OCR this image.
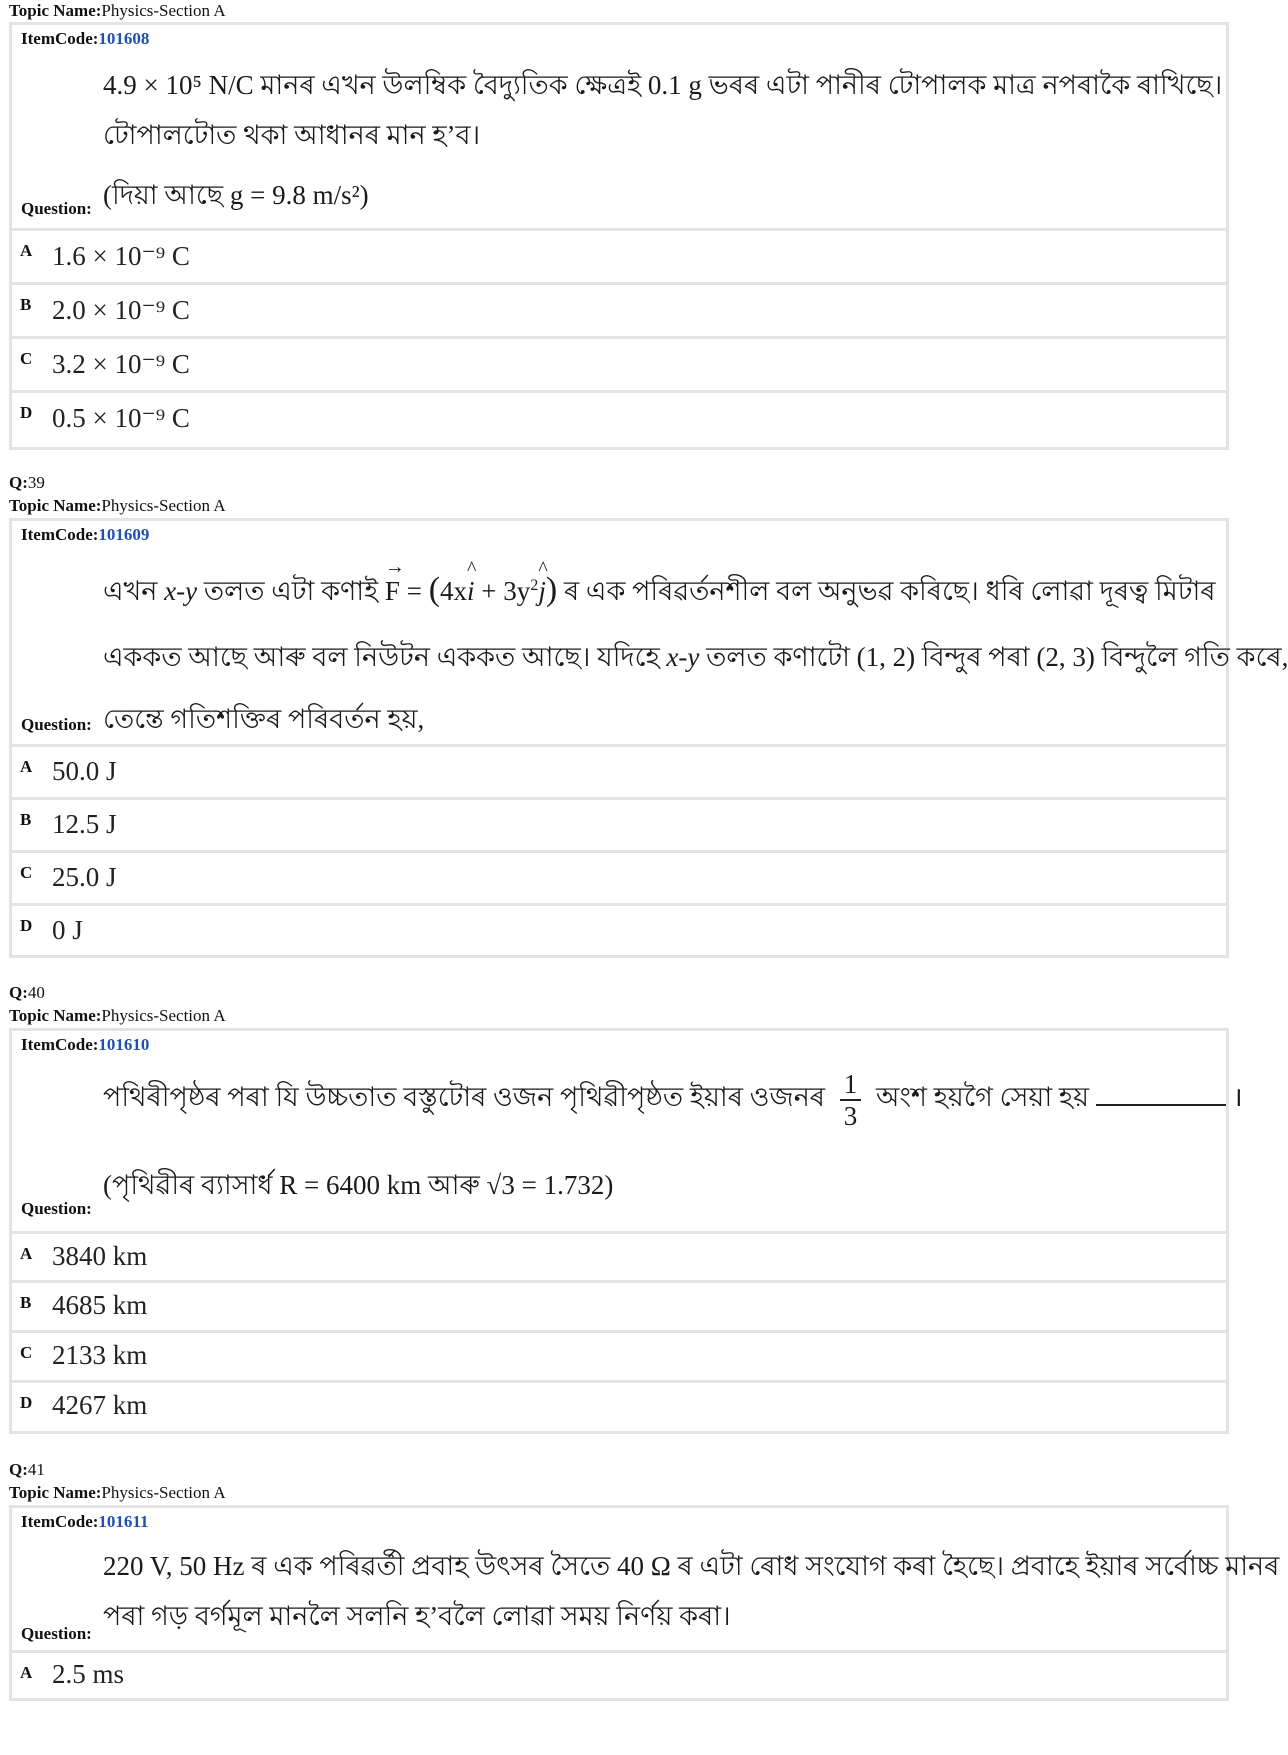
Topic Name:Physics-Section A
ItemCode:101608
4.9 × 10⁵ N/C মানৰ এখন উলম্বিক বৈদ্যুতিক ক্ষেত্ৰই 0.1 g ভৰৰ এটা পানীৰ টোপালক মাত্ৰ নপৰাকৈ ৰাখিছে।
টোপালটোত থকা আধানৰ মান হ’ব।
(দিয়া আছে g = 9.8 m/s²)
Question:
A 1.6 × 10⁻⁹ C
B 2.0 × 10⁻⁹ C
C 3.2 × 10⁻⁹ C
D 0.5 × 10⁻⁹ C
Q:39
Topic Name:Physics-Section A
ItemCode:101609
এখন x-y তলত এটা কণাই → F = (4x^ $i + 3y^2\^{}$ j) ৰ এক পৰিৱৰ্তনশীল বল অনুভৱ কৰিছে। ধৰি লোৱা দূৰত্ব মিটাৰ
এককত আছে আৰু বল নিউটন এককত আছে। যদিহে x-y তলত কণাটো (1, 2) বিন্দুৰ পৰা (2, 3) বিন্দুলৈ গতি কৰে,
তেন্তে গতিশক্তিৰ পৰিবৰ্তন হয়,
Question:
A 50.0 J
B 12.5 J
C 25.0 J
D 0 J
Q:40
Topic Name:Physics-Section A
ItemCode:101610
পথিৰীপৃষ্ঠৰ পৰা যি উচ্চতাত বস্তুটোৰ ওজন পৃথিৱীপৃষ্ঠত ইয়াৰ ওজনৰ $\frac{1}{3}$ অংশ হয়গৈ সেয়া হয়	।
(পৃথিৱীৰ ব্যাসাৰ্ধ R = 6400 km আৰু √3 = 1.732)
Question:
A 3840 km
B 4685 km
C 2133 km
D 4267 km
Q:41
Topic Name:Physics-Section A
ItemCode:101611
220 V, 50 Hz ৰ এক পৰিৱৰ্তী প্ৰবাহ উৎসৰ সৈতে 40 Ω ৰ এটা ৰোধ সংযোগ কৰা হৈছে। প্ৰবাহে ইয়াৰ সৰ্বোচ্চ মানৰ
পৰা গড় বৰ্গমূল মানলৈ সলনি হ’বলৈ লোৱা সময় নিৰ্ণয় কৰা।
Question:
A 2.5 ms
